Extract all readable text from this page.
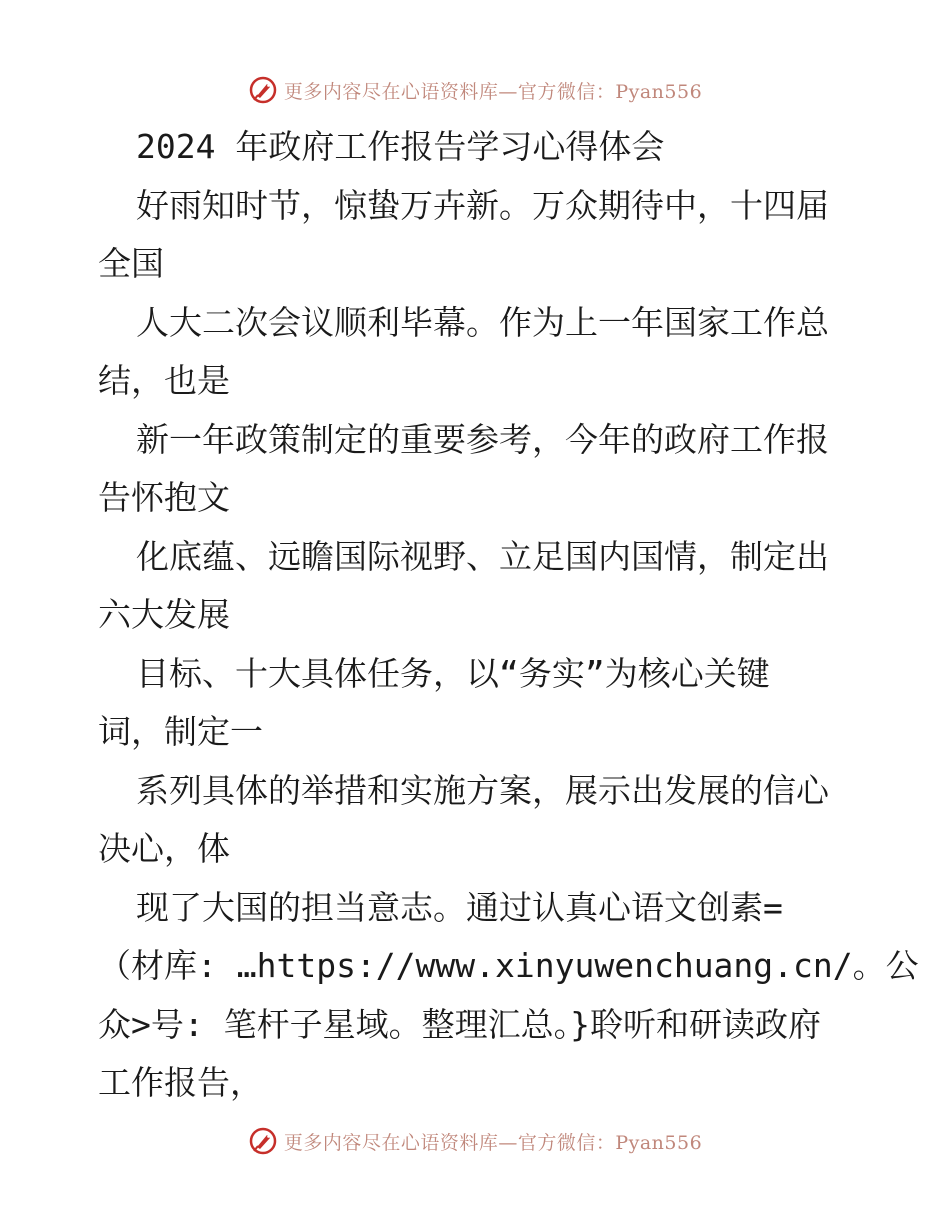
更多内容尽在心语资料库—官方微信：Pyan556
2024 年政府工作报告学习心得体会
好雨知时节，惊蛰万卉新。万众期待中，十四届
全国
人大二次会议顺利毕幕。作为上一年国家工作总
结，也是
新一年政策制定的重要参考，今年的政府工作报
告怀抱文
化底蕴、远瞻国际视野、立足国内国情，制定出
六大发展
目标、十大具体任务，以“务实”为核心关键
词，制定一
系列具体的举措和实施方案，展示出发展的信心
决心，体
现了大国的担当意志。通过认真心语文创素=
（材库: …https://www.xinyuwenchuang.cn/。公
众>号: 笔杆子星域。整理汇总。}聆听和研读政府
工作报告，
更多内容尽在心语资料库—官方微信：Pyan556
